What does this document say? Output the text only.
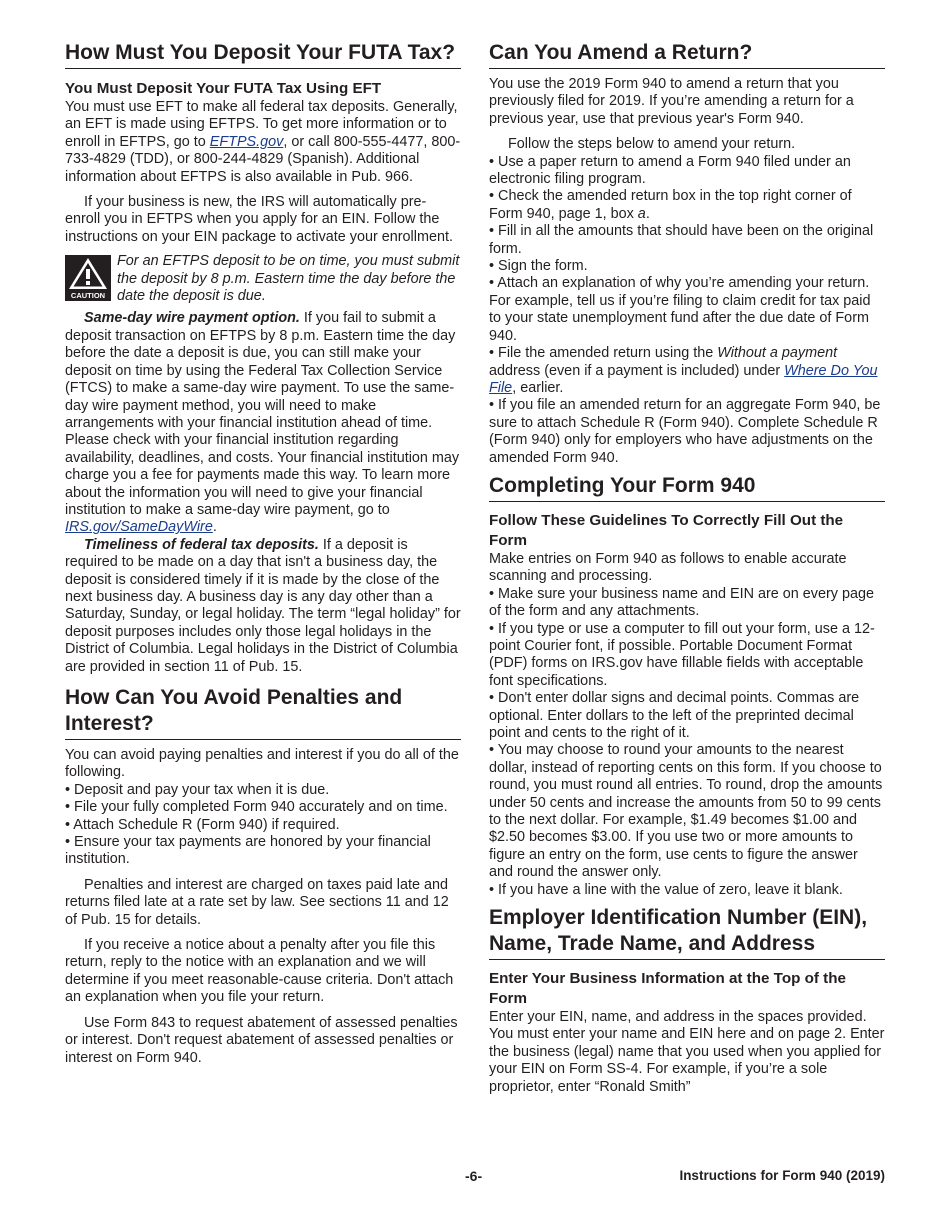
How Must You Deposit Your FUTA Tax?
You Must Deposit Your FUTA Tax Using EFT

You must use EFT to make all federal tax deposits. Generally, an EFT is made using EFTPS. To get more information or to enroll in EFTPS, go to EFTPS.gov, or call 800-555-4477, 800-733-4829 (TDD), or 800-244-4829 (Spanish). Additional information about EFTPS is also available in Pub. 966.

If your business is new, the IRS will automatically pre-enroll you in EFTPS when you apply for an EIN. Follow the instructions on your EIN package to activate your enrollment.

CAUTION
For an EFTPS deposit to be on time, you must submit the deposit by 8 p.m. Eastern time the day before the date the deposit is due.

Same-day wire payment option. If you fail to submit a deposit transaction on EFTPS by 8 p.m. Eastern time the day before the date a deposit is due, you can still make your deposit on time by using the Federal Tax Collection Service (FTCS) to make a same-day wire payment. To use the same-day wire payment method, you will need to make arrangements with your financial institution ahead of time. Please check with your financial institution regarding availability, deadlines, and costs. Your financial institution may charge you a fee for payments made this way. To learn more about the information you will need to give your financial institution to make a same-day wire payment, go to IRS.gov/SameDayWire.

Timeliness of federal tax deposits. If a deposit is required to be made on a day that isn't a business day, the deposit is considered timely if it is made by the close of the next business day. A business day is any day other than a Saturday, Sunday, or legal holiday. The term “legal holiday” for deposit purposes includes only those legal holidays in the District of Columbia. Legal holidays in the District of Columbia are provided in section 11 of Pub. 15.

How Can You Avoid Penalties and Interest?

You can avoid paying penalties and interest if you do all of the following.

• Deposit and pay your tax when it is due.

• File your fully completed Form 940 accurately and on time.

• Attach Schedule R (Form 940) if required.

• Ensure your tax payments are honored by your financial institution.

Penalties and interest are charged on taxes paid late and returns filed late at a rate set by law. See sections 11 and 12 of Pub. 15 for details.

If you receive a notice about a penalty after you file this return, reply to the notice with an explanation and we will determine if you meet reasonable-cause criteria. Don't attach an explanation when you file your return.

Use Form 843 to request abatement of assessed penalties or interest. Don't request abatement of assessed penalties or interest on Form 940.

Can You Amend a Return?

You use the 2019 Form 940 to amend a return that you previously filed for 2019. If you’re amending a return for a previous year, use that previous year's Form 940.

Follow the steps below to amend your return.

• Use a paper return to amend a Form 940 filed under an electronic filing program.

• Check the amended return box in the top right corner of Form 940, page 1, box a.

• Fill in all the amounts that should have been on the original form.

• Sign the form.

• Attach an explanation of why you’re amending your return. For example, tell us if you’re filing to claim credit for tax paid to your state unemployment fund after the due date of Form 940.

• File the amended return using the Without a payment address (even if a payment is included) under Where Do You File, earlier.

• If you file an amended return for an aggregate Form 940, be sure to attach Schedule R (Form 940). Complete Schedule R (Form 940) only for employers who have adjustments on the amended Form 940.

Completing Your Form 940
Follow These Guidelines To Correctly Fill Out the Form

Make entries on Form 940 as follows to enable accurate scanning and processing.

• Make sure your business name and EIN are on every page of the form and any attachments.

• If you type or use a computer to fill out your form, use a 12-point Courier font, if possible. Portable Document Format (PDF) forms on IRS.gov have fillable fields with acceptable font specifications.

• Don't enter dollar signs and decimal points. Commas are optional. Enter dollars to the left of the preprinted decimal point and cents to the right of it.

• You may choose to round your amounts to the nearest dollar, instead of reporting cents on this form. If you choose to round, you must round all entries. To round, drop the amounts under 50 cents and increase the amounts from 50 to 99 cents to the next dollar. For example, $1.49 becomes $1.00 and $2.50 becomes $3.00. If you use two or more amounts to figure an entry on the form, use cents to figure the answer and round the answer only.

• If you have a line with the value of zero, leave it blank.

Employer Identification Number (EIN), Name, Trade Name, and Address
Enter Your Business Information at the Top of the Form

Enter your EIN, name, and address in the spaces provided. You must enter your name and EIN here and on page 2. Enter the business (legal) name that you used when you applied for your EIN on Form SS-4. For example, if you’re a sole proprietor, enter “Ronald Smith”

-6-	Instructions for Form 940 (2019)
